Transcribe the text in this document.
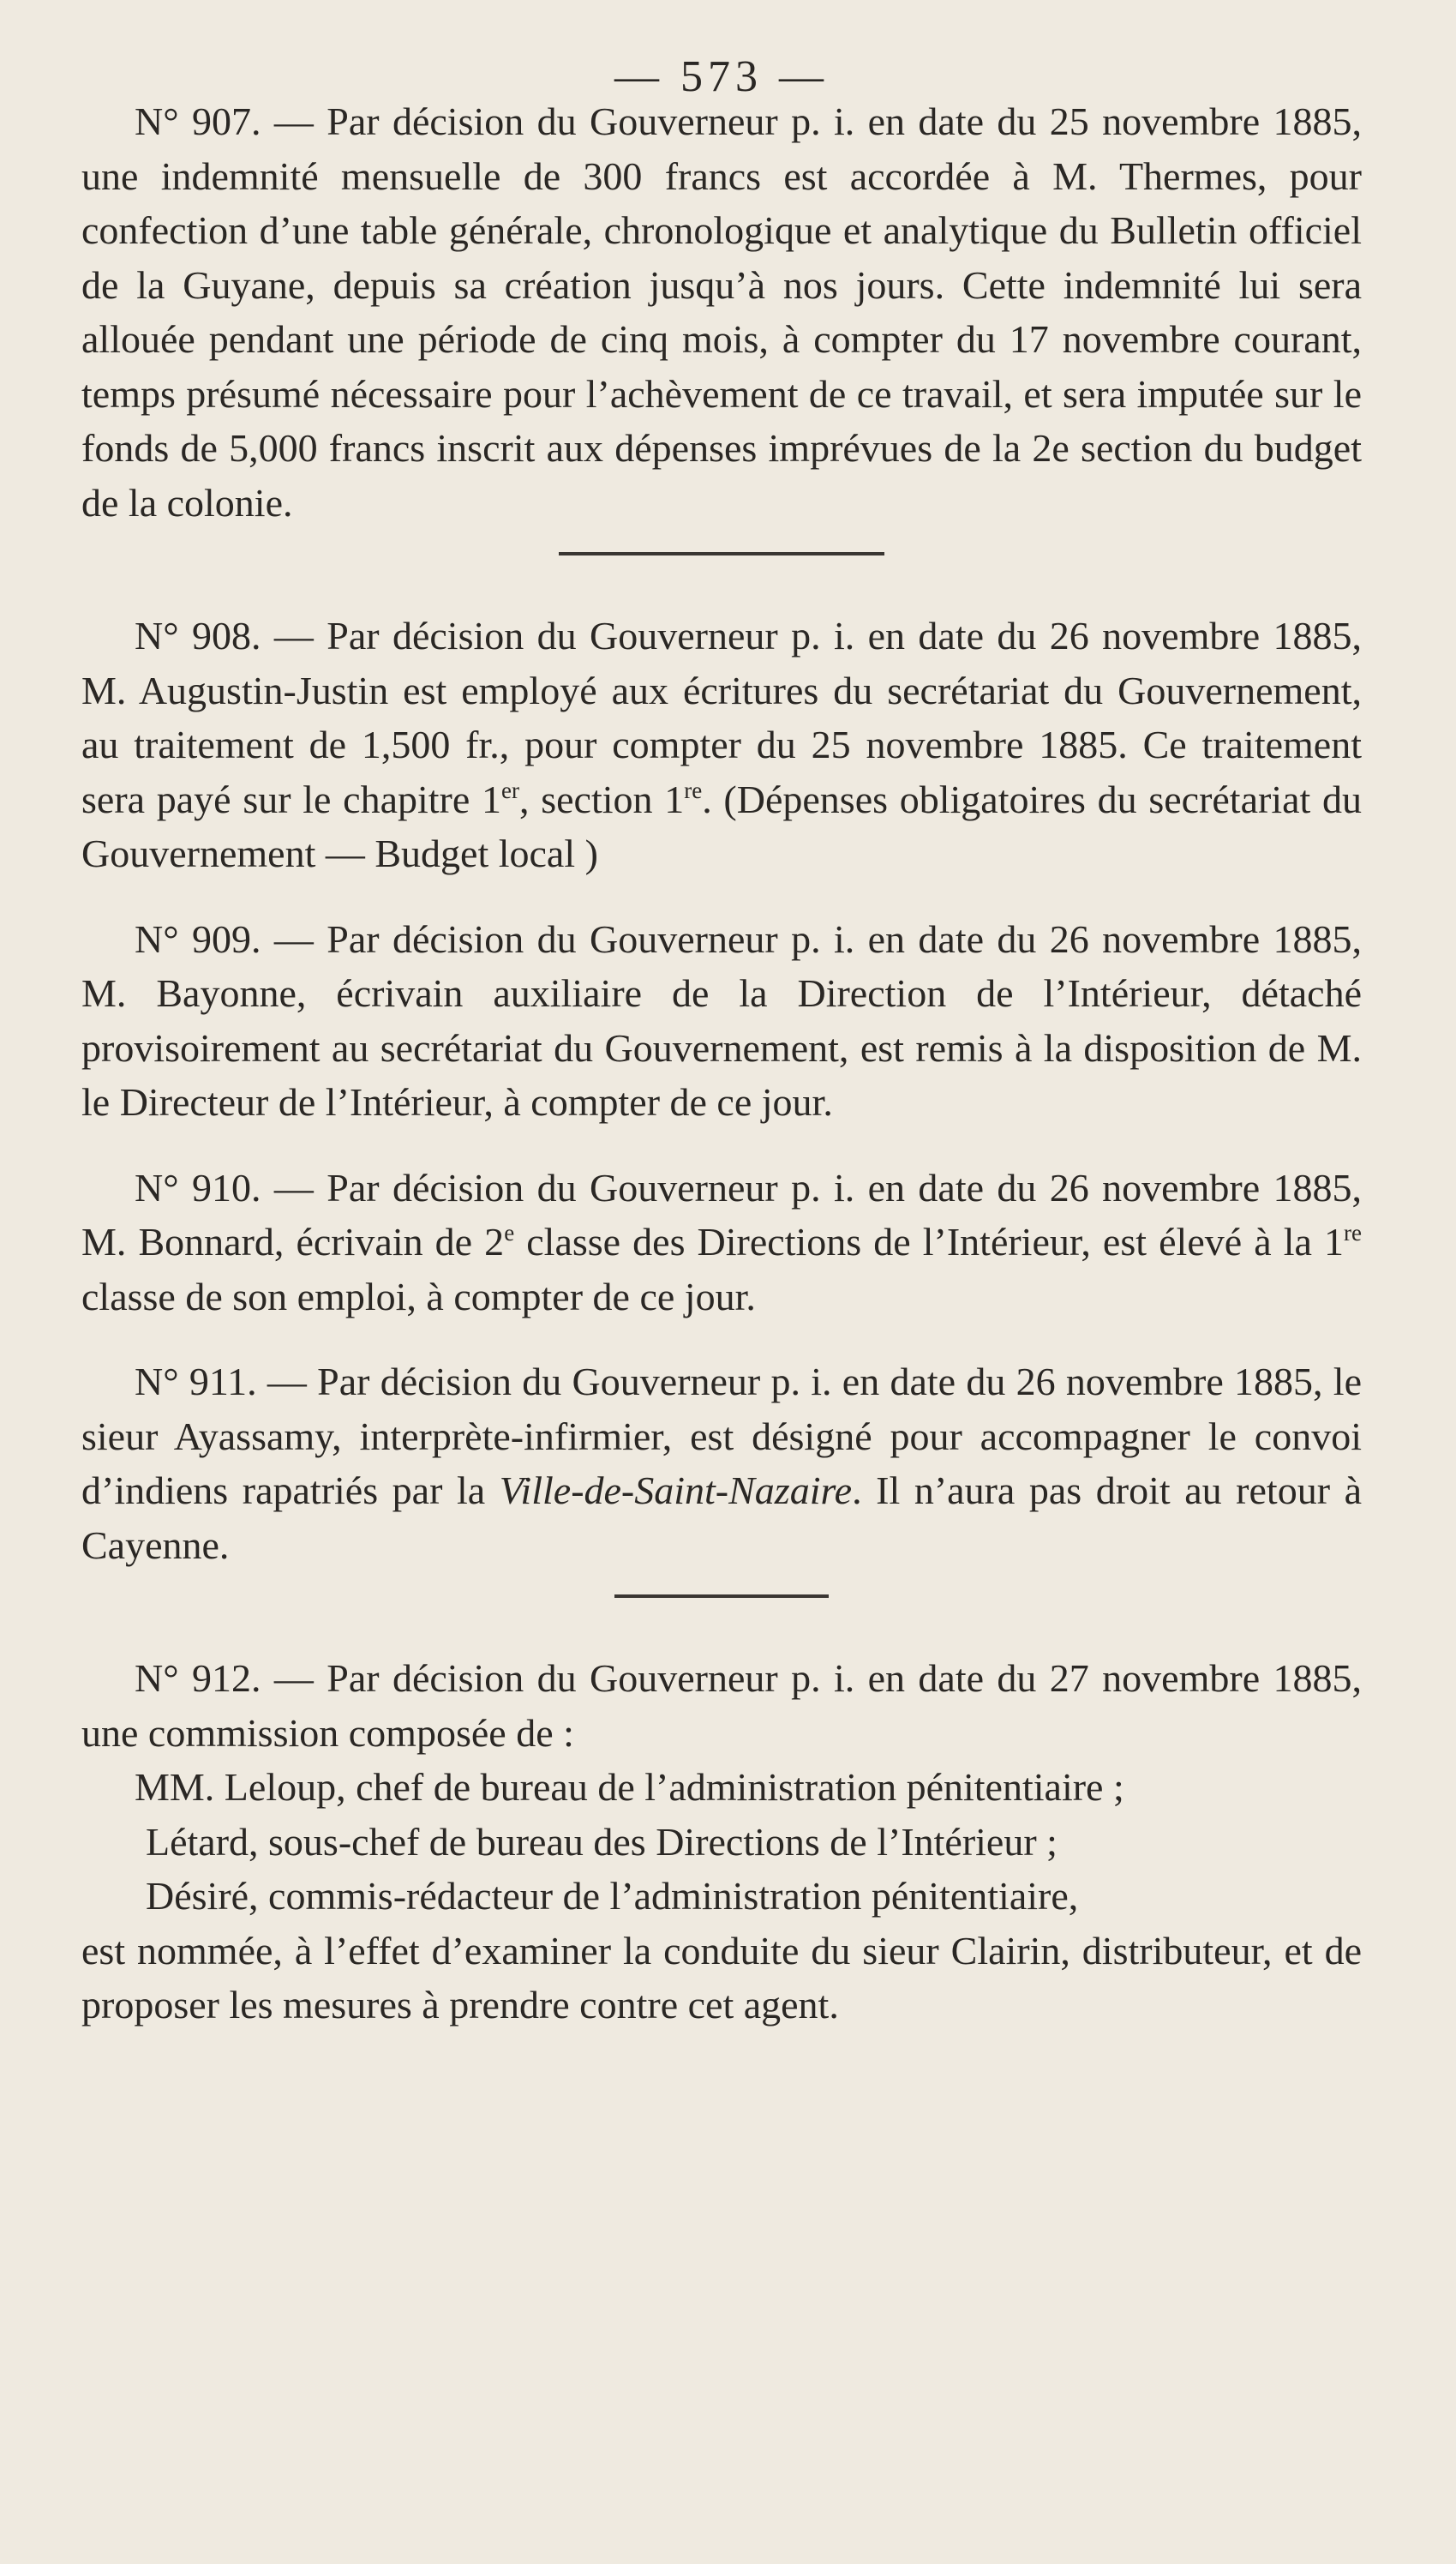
— 573 —

N° 907. — Par décision du Gouverneur p. i. en date du 25 novembre 1885, une indemnité mensuelle de 300 francs est accordée à M. Thermes, pour confection d’une table générale, chronologique et analytique du Bulletin officiel de la Guyane, depuis sa création jusqu’à nos jours. Cette indemnité lui sera allouée pendant une période de cinq mois, à compter du 17 novembre courant, temps présumé nécessaire pour l’achèvement de ce travail, et sera imputée sur le fonds de 5,000 francs inscrit aux dépenses imprévues de la 2e section du budget de la colonie.

N° 908. — Par décision du Gouverneur p. i. en date du 26 novembre 1885, M. Augustin-Justin est employé aux écritures du secrétariat du Gouvernement, au traitement de 1,500 fr., pour compter du 25 novembre 1885. Ce traitement sera payé sur le chapitre 1er, section 1re. (Dépenses obligatoires du secrétariat du Gouvernement — Budget local )

N° 909. — Par décision du Gouverneur p. i. en date du 26 novembre 1885, M. Bayonne, écrivain auxiliaire de la Direction de l’Intérieur, détaché provisoirement au secrétariat du Gouvernement, est remis à la disposition de M. le Directeur de l’Intérieur, à compter de ce jour.

N° 910. — Par décision du Gouverneur p. i. en date du 26 novembre 1885, M. Bonnard, écrivain de 2e classe des Directions de l’Intérieur, est élevé à la 1re classe de son emploi, à compter de ce jour.

N° 911. — Par décision du Gouverneur p. i. en date du 26 novembre 1885, le sieur Ayassamy, interprète-infirmier, est désigné pour accompagner le convoi d’indiens rapatriés par la Ville-de-Saint-Nazaire. Il n’aura pas droit au retour à Cayenne.

N° 912. — Par décision du Gouverneur p. i. en date du 27 novembre 1885, une commission composée de :

MM. Leloup, chef de bureau de l’administration pénitentiaire ;
Létard, sous-chef de bureau des Directions de l’Intérieur ;
Désiré, commis-rédacteur de l’administration pénitentiaire,

est nommée, à l’effet d’examiner la conduite du sieur Clairin, distributeur, et de proposer les mesures à prendre contre cet agent.
